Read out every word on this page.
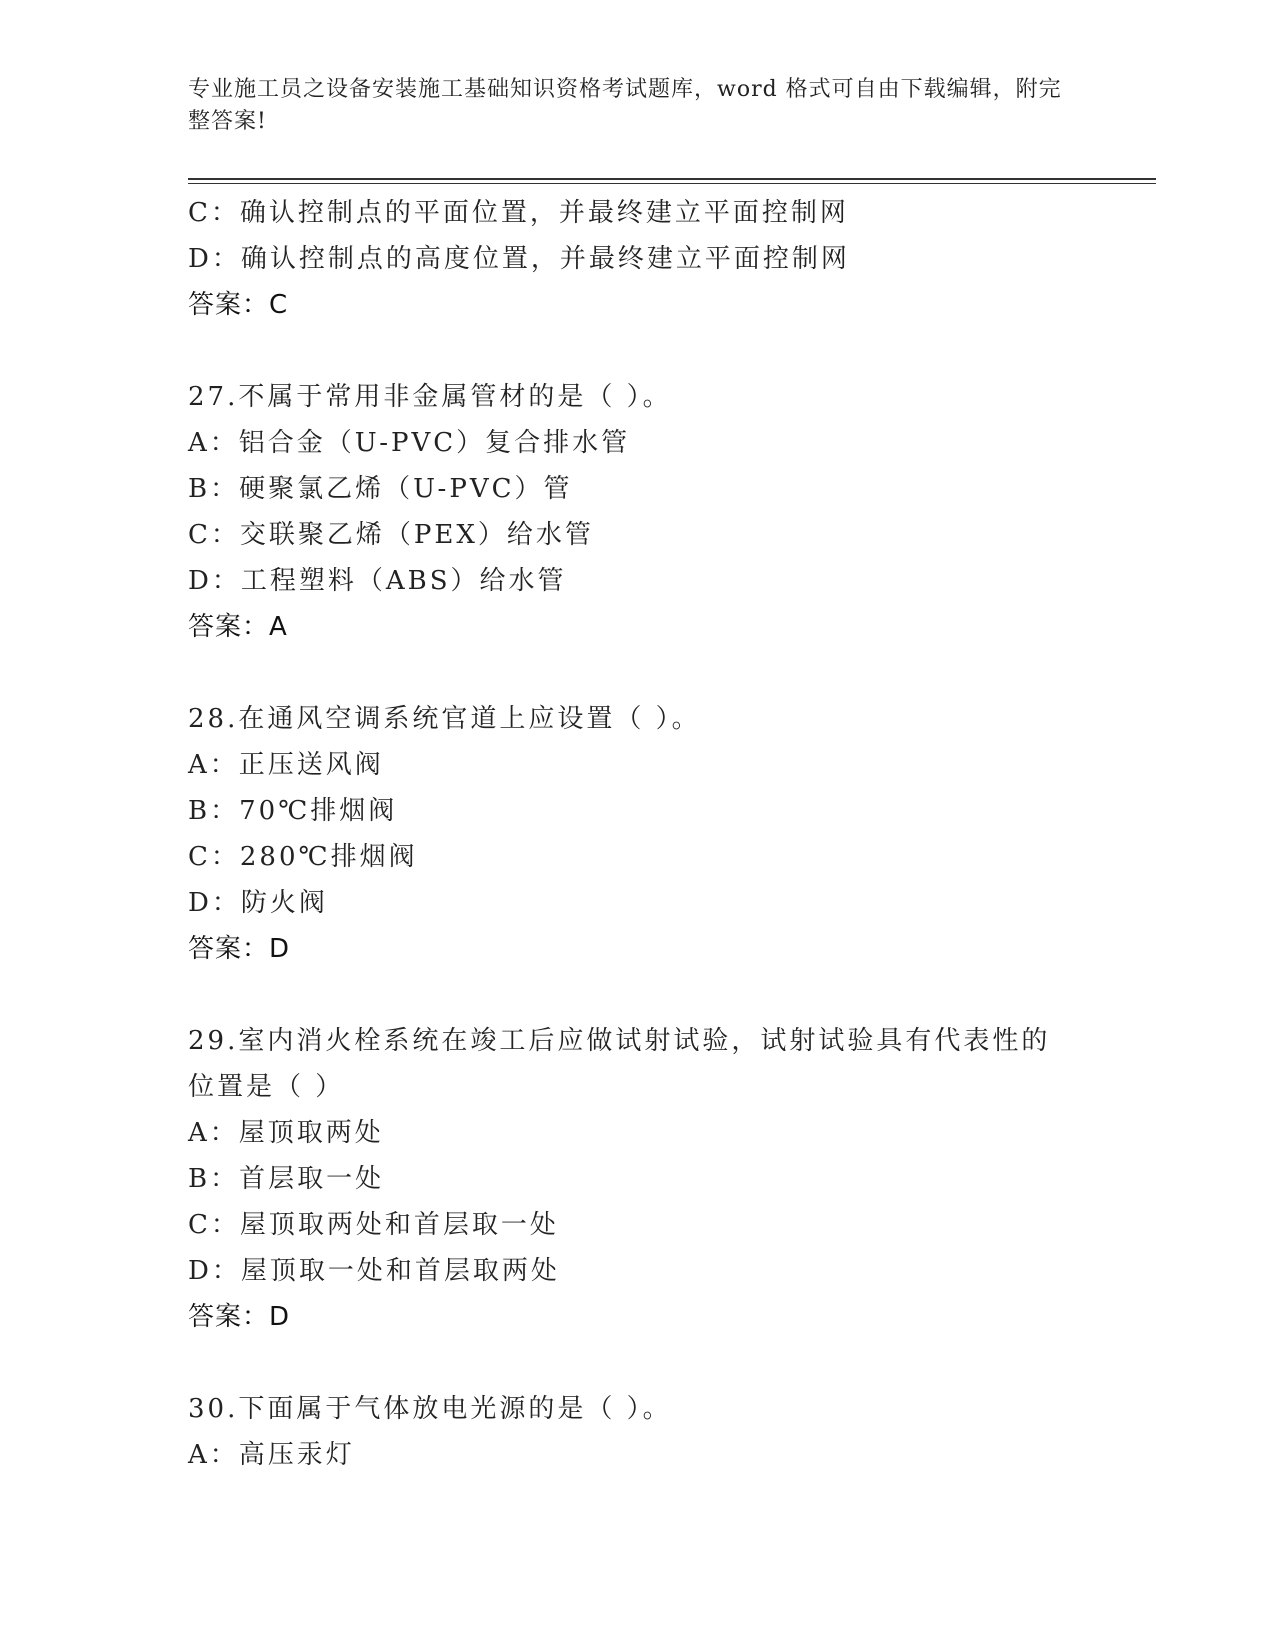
专业施工员之设备安装施工基础知识资格考试题库，word 格式可自由下载编辑，附完整答案!
C：确认控制点的平面位置，并最终建立平面控制网
D：确认控制点的高度位置，并最终建立平面控制网
答案：C
27.不属于常用非金属管材的是（ ）。
A：铝合金（U-PVC）复合排水管
B：硬聚氯乙烯（U-PVC）管
C：交联聚乙烯（PEX）给水管
D：工程塑料（ABS）给水管
答案：A
28.在通风空调系统官道上应设置（ ）。
A：正压送风阀
B：70℃排烟阀
C：280℃排烟阀
D：防火阀
答案：D
29.室内消火栓系统在竣工后应做试射试验，试射试验具有代表性的位置是（ ）
A：屋顶取两处
B：首层取一处
C：屋顶取两处和首层取一处
D：屋顶取一处和首层取两处
答案：D
30.下面属于气体放电光源的是（ ）。
A：高压汞灯
